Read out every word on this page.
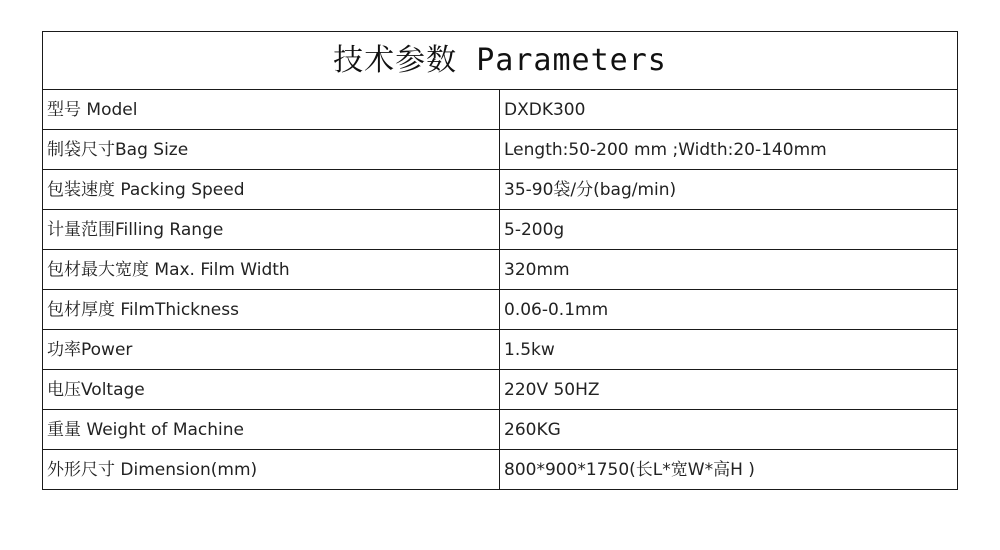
技术参数 Parameters	
型号 Model	DXDK300
制袋尺寸Bag Size	Length:50-200 mm ;Width:20-140mm
包装速度 Packing Speed	35-90袋/分(bag/min)
计量范围Filling Range	5-200g
包材最大宽度 Max. Film Width	320mm
包材厚度 FilmThickness	0.06-0.1mm
功率Power	1.5kw
电压Voltage	220V 50HZ
重量 Weight of Machine	260KG
外形尺寸 Dimension(mm)	800*900*1750(长L*宽W*高H )
